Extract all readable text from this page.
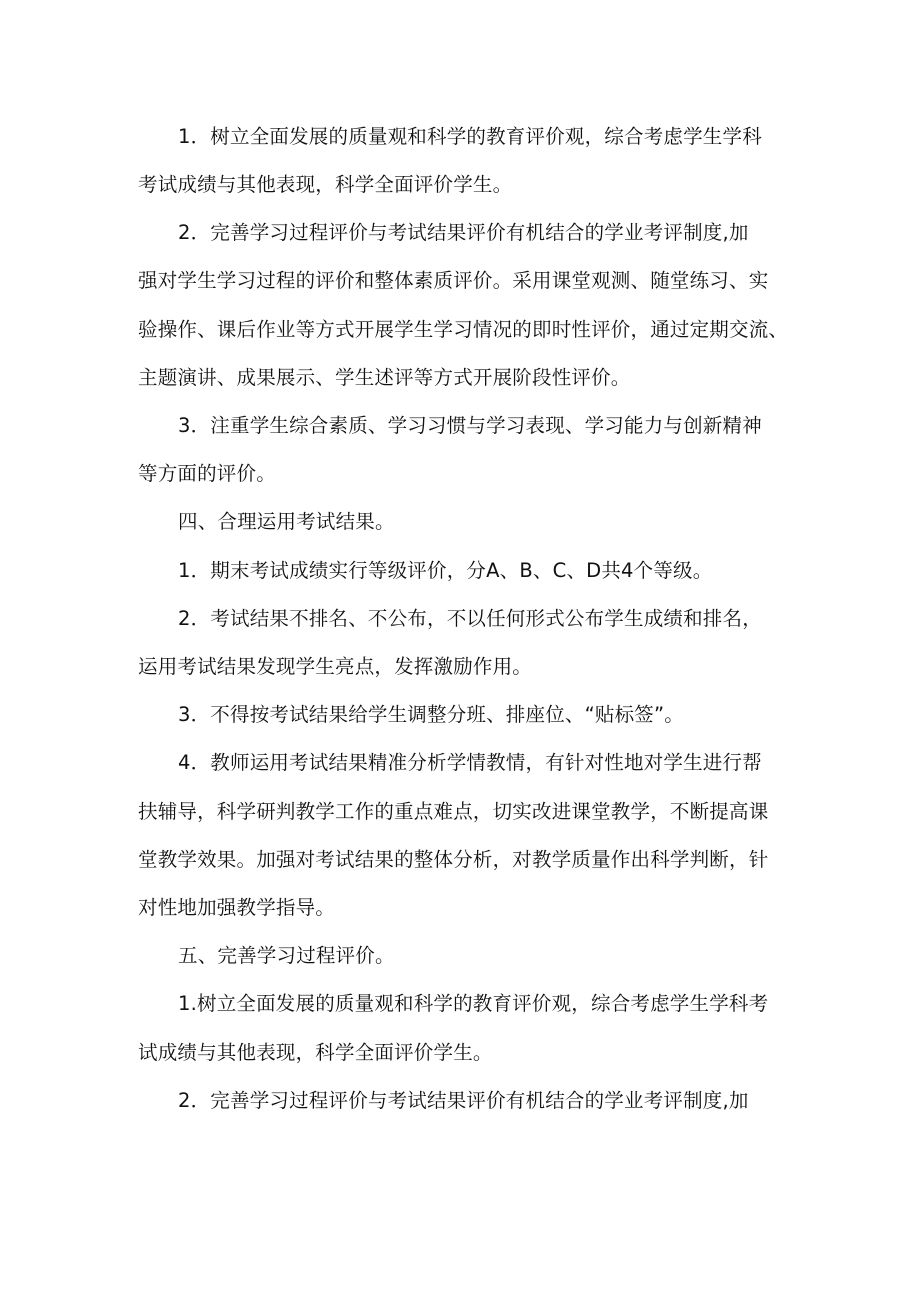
1．树立全面发展的质量观和科学的教育评价观，综合考虑学生学科
考试成绩与其他表现，科学全面评价学生。
2．完善学习过程评价与考试结果评价有机结合的学业考评制度,加
强对学生学习过程的评价和整体素质评价。采用课堂观测、随堂练习、实
验操作、课后作业等方式开展学生学习情况的即时性评价，通过定期交流、
主题演讲、成果展示、学生述评等方式开展阶段性评价。
3．注重学生综合素质、学习习惯与学习表现、学习能力与创新精神
等方面的评价。
四、合理运用考试结果。
1．期末考试成绩实行等级评价，分A、B、C、D共4个等级。
2．考试结果不排名、不公布，不以任何形式公布学生成绩和排名，
运用考试结果发现学生亮点，发挥激励作用。
3．不得按考试结果给学生调整分班、排座位、“贴标签”。
4．教师运用考试结果精准分析学情教情，有针对性地对学生进行帮
扶辅导，科学研判教学工作的重点难点，切实改进课堂教学，不断提高课
堂教学效果。加强对考试结果的整体分析，对教学质量作出科学判断，针
对性地加强教学指导。
五、完善学习过程评价。
1.树立全面发展的质量观和科学的教育评价观，综合考虑学生学科考
试成绩与其他表现，科学全面评价学生。
2．完善学习过程评价与考试结果评价有机结合的学业考评制度,加
